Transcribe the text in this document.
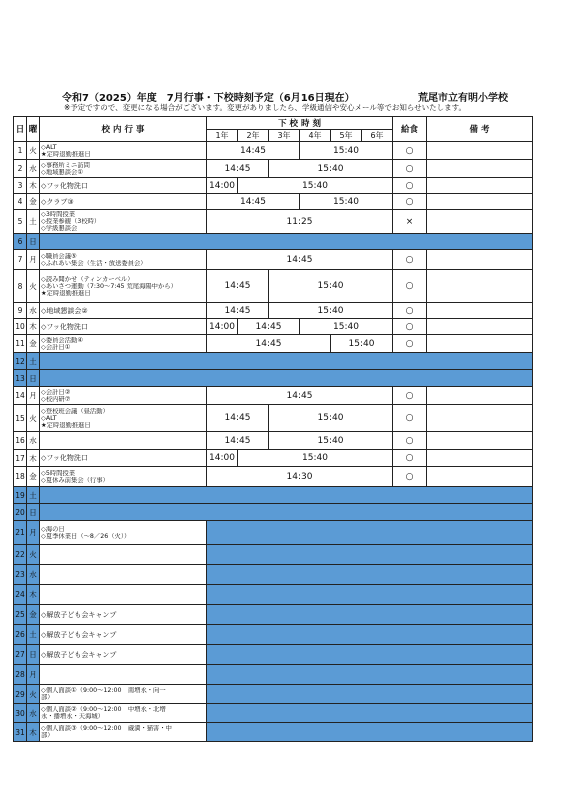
令和7（2025）年度　7月行事・下校時刻予定（6月16日現在）	荒尾市立有明小学校
※予定ですので、変更になる場合がございます。変更がありましたら、学級通信や安心メール等でお知らせいたします。
日	曜	校 内 行 事	下 校 時 刻						給食	備 考
			1年	2年	3年	4年	5年	6年		
1	火	◇ALT
★定時退勤推進日	14:45			15:40			○	
2	水	◇事務所ミニ訪問
◇地域懇談会①	14:45		15:40				○	
3	木	◇フッ化物洗口	14:00	15:40					○	
4	金	◇クラブ③	14:45			15:40			○	
5	土	◇3時間授業
◇授業参観（3校時）
◇学級懇談会	11:25						×	
6	日									
7	月	◇職員会議⑤
◇ふれあい集会（生活・放送委員会）	14:45						○	
8	火	◇読み聞かせ（ティンカーベル）
◇あいさつ運動（7:30～7:45 荒尾海陽中から）
★定時退勤推進日	14:45		15:40				○	
9	水	◇地域懇談会②	14:45		15:40				○	
10	木	◇フッ化物洗口	14:00	14:45		15:40			○	
11	金	◇委員会活動④
◇会計日①	14:45				15:40		○	
12	土									
13	日									
14	月	◇会計日②
◇校内研⑦	14:45						○	
15	火	◇登校班会議（昼活動）
◇ALT
★定時退勤推進日	14:45		15:40				○	
16	水		14:45		15:40				○	
17	木	◇フッ化物洗口	14:00	15:40					○	
18	金	◇5時間授業
◇夏休み前集会（行事）	14:30						○	
19	土									
20	日									
21	月	◇海の日
◇夏季休業日（～8／26（火））								

22	火									
23	水									
24	木									
25	金	◇解放子ども会キャンプ								

26	土	◇解放子ども会キャンプ								

27	日	◇解放子ども会キャンプ								

28	月									
29	火	◇個人面談①（9:00～12:00　南増永・向一
部）								

30	水	◇個人面談②（9:00～12:00　中増永・北増
永・播増永・天海城）								

31	木	◇個人面談③（9:00～12:00　蔵満・猫害・中
部）								
